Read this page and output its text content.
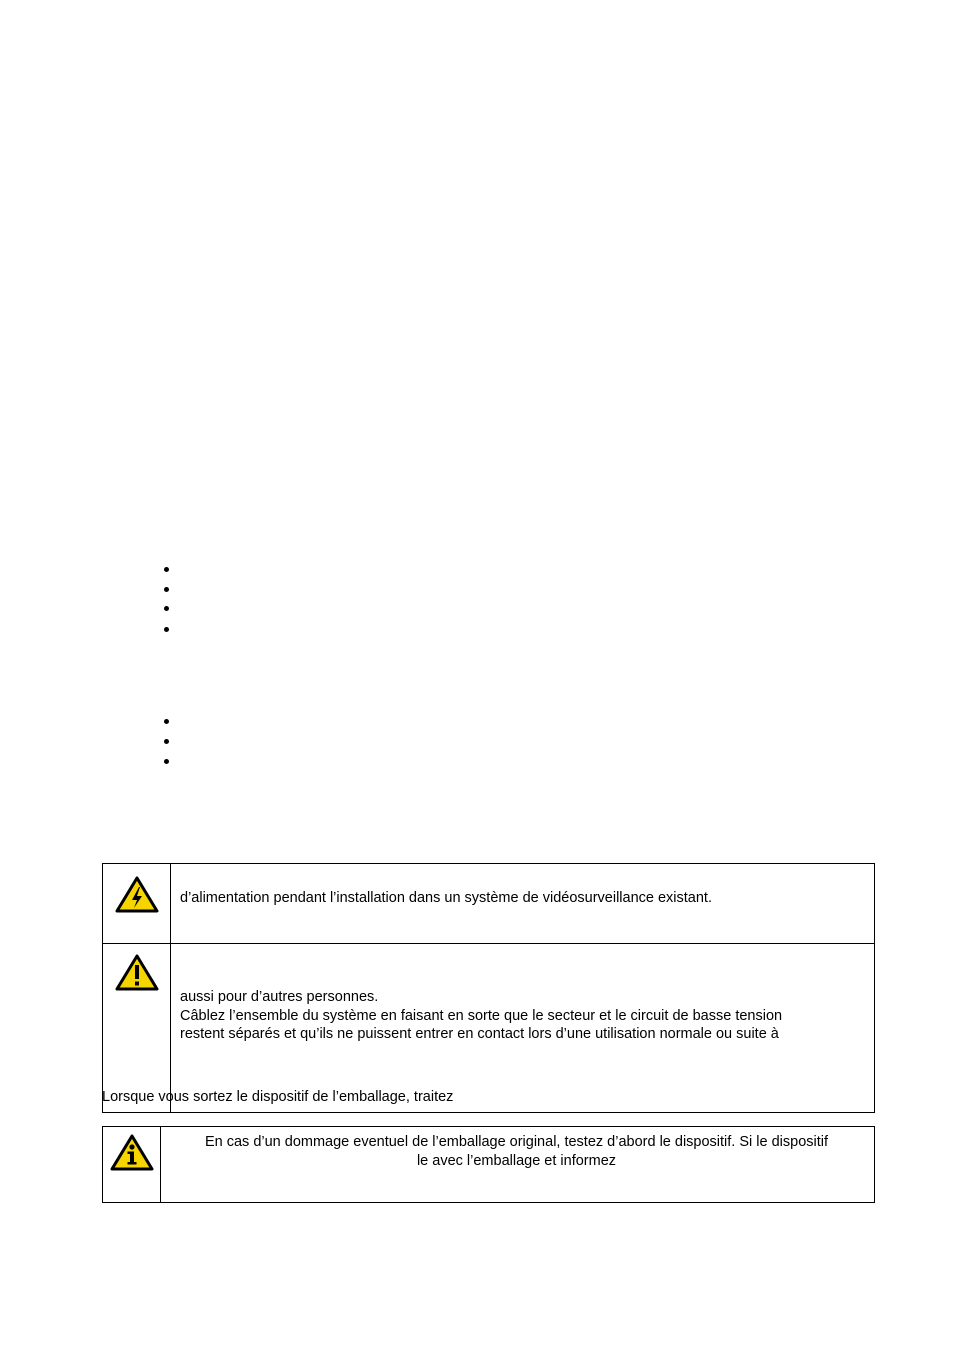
d’alimentation pendant l’installation dans un système de vidéosurveillance existant.

aussi pour d’autres personnes.
Câblez l’ensemble du système en faisant en sorte que le secteur et le circuit de basse tension
restent séparés et qu’ils ne puissent entrer en contact lors d’une utilisation normale ou suite à
Lorsque vous sortez le dispositif de l’emballage, traitez

En cas d’un dommage eventuel de l’emballage original, testez d’abord le dispositif. Si le dispositif
le avec l’emballage et informez
